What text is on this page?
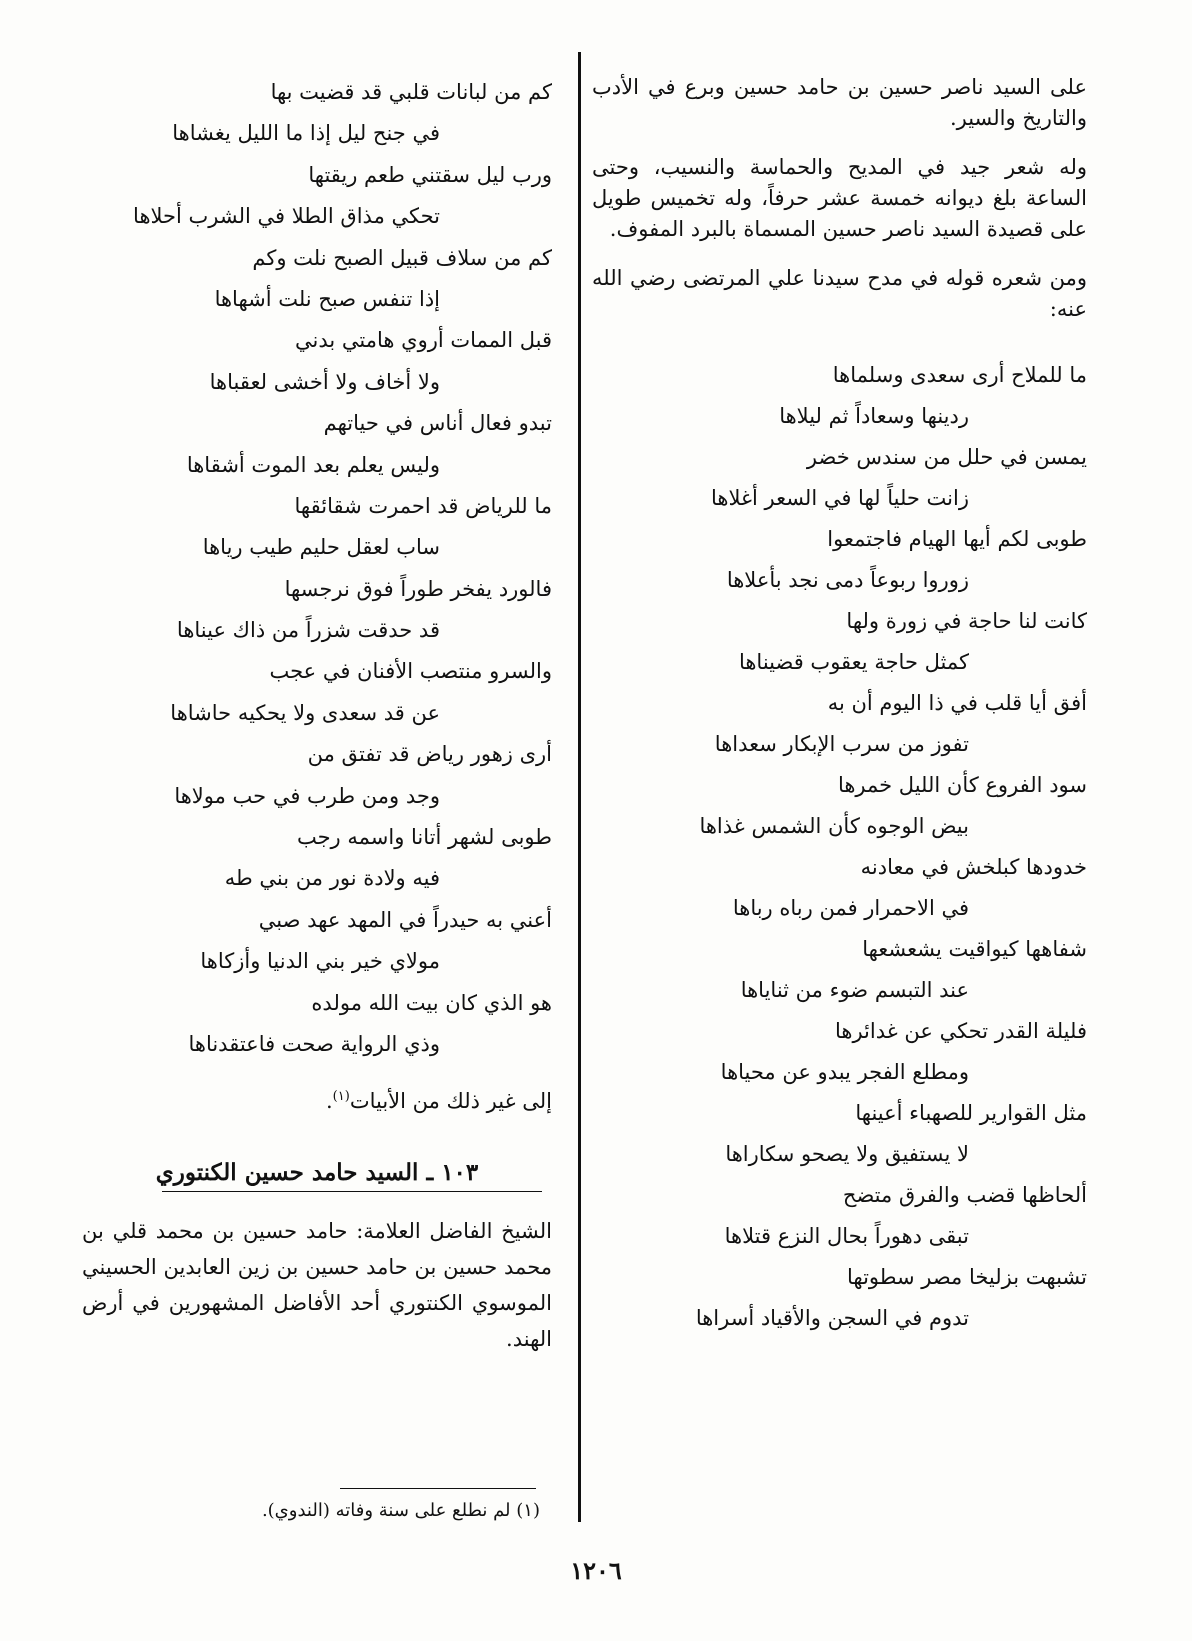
على السيد ناصر حسين بن حامد حسين وبرع في الأدب والتاريخ والسير.

وله شعر جيد في المديح والحماسة والنسيب، وحتى الساعة بلغ ديوانه خمسة عشر حرفاً، وله تخميس طويل على قصيدة السيد ناصر حسين المسماة بالبرد المفوف.

ومن شعره قوله في مدح سيدنا علي المرتضى رضي الله عنه:

ما للملاح أرى سعدى وسلماها
ردينها وسعاداً ثم ليلاها
يمسن في حلل من سندس خضر
زانت حلياً لها في السعر أغلاها
طوبى لكم أيها الهيام فاجتمعوا
زوروا ربوعاً دمى نجد بأعلاها
كانت لنا حاجة في زورة ولها
كمثل حاجة يعقوب قضيناها
أفق أيا قلب في ذا اليوم أن به
تفوز من سرب الإبكار سعداها
سود الفروع كأن الليل خمرها
بيض الوجوه كأن الشمس غذاها
خدودها كبلخش في معادنه
في الاحمرار فمن رباه رباها
شفاهها كيواقيت يشعشعها
عند التبسم ضوء من ثناياها
فليلة القدر تحكي عن غدائرها
ومطلع الفجر يبدو عن محياها
مثل القوارير للصهباء أعينها
لا يستفيق ولا يصحو سكاراها
ألحاظها قضب والفرق متضح
تبقى دهوراً بحال النزع قتلاها
تشبهت بزليخا مصر سطوتها
تدوم في السجن والأقياد أسراها
كم من لبانات قلبي قد قضيت بها
في جنح ليل إذا ما الليل يغشاها
ورب ليل سقتني طعم ريقتها
تحكي مذاق الطلا في الشرب أحلاها
كم من سلاف قبيل الصبح نلت وكم
إذا تنفس صبح نلت أشهاها
قبل الممات أروي هامتي بدني
ولا أخاف ولا أخشى لعقباها
تبدو فعال أناس في حياتهم
وليس يعلم بعد الموت أشقاها
ما للرياض قد احمرت شقائقها
ساب لعقل حليم طيب رياها
فالورد يفخر طوراً فوق نرجسها
قد حدقت شزراً من ذاك عيناها
والسرو منتصب الأفنان في عجب
عن قد سعدى ولا يحكيه حاشاها
أرى زهور رياض قد تفتق من
وجد ومن طرب في حب مولاها
طوبى لشهر أتانا واسمه رجب
فيه ولادة نور من بني طه
أعني به حيدراً في المهد عهد صبي
مولاي خير بني الدنيا وأزكاها
هو الذي كان بيت الله مولده
وذي الرواية صحت فاعتقدناها
إلى غير ذلك من الأبيات$^{(١)}$.
١٠٣ ـ السيد حامد حسين الكنتوري

الشيخ الفاضل العلامة: حامد حسين بن محمد قلي بن محمد حسين بن حامد حسين بن زين العابدين الحسيني الموسوي الكنتوري أحد الأفاضل المشهورين في أرض الهند.

(١) لم نطلع على سنة وفاته (الندوي).
١٢٠٦
